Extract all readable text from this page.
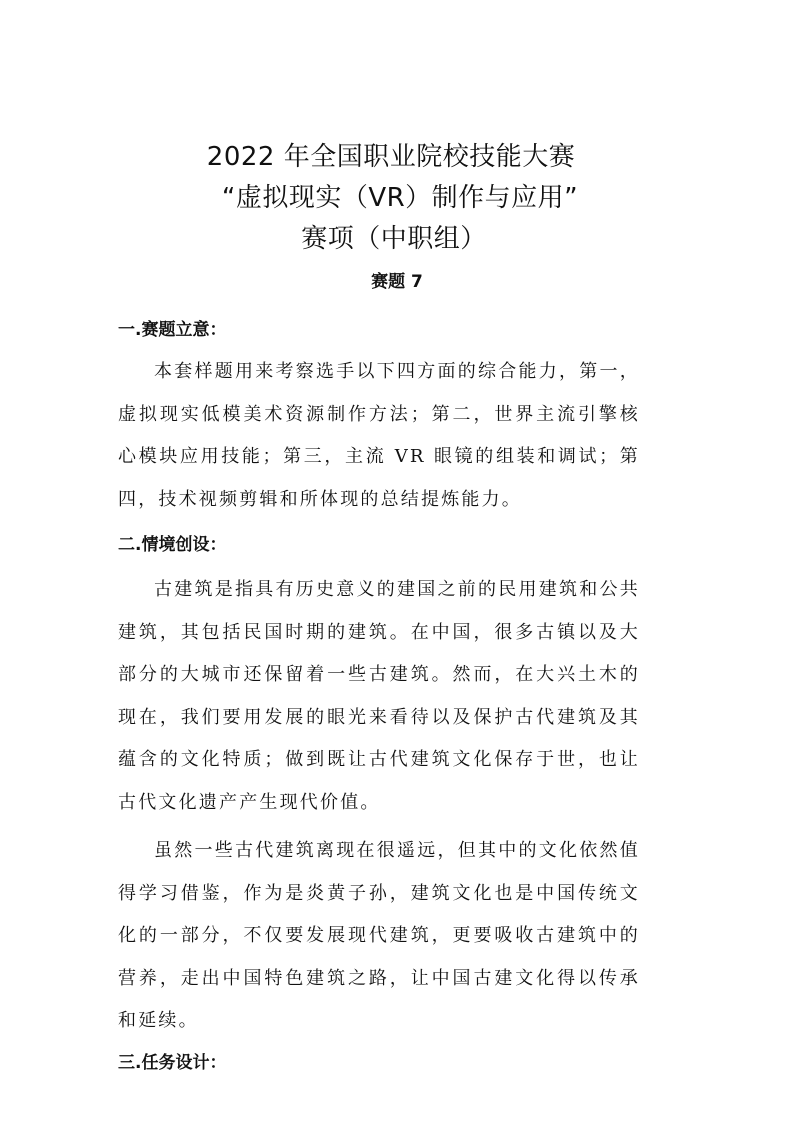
2022 年全国职业院校技能大赛
“虚拟现实（VR）制作与应用”
赛项（中职组）
赛题 7
一.赛题立意：

本套样题用来考察选手以下四方面的综合能力，第一，虚拟现实低模美术资源制作方法；第二，世界主流引擎核心模块应用技能；第三，主流 VR 眼镜的组装和调试；第四，技术视频剪辑和所体现的总结提炼能力。

二.情境创设：

古建筑是指具有历史意义的建国之前的民用建筑和公共建筑，其包括民国时期的建筑。在中国，很多古镇以及大部分的大城市还保留着一些古建筑。然而，在大兴土木的现在，我们要用发展的眼光来看待以及保护古代建筑及其蕴含的文化特质；做到既让古代建筑文化保存于世，也让古代文化遗产产生现代价值。

虽然一些古代建筑离现在很遥远，但其中的文化依然值得学习借鉴，作为是炎黄子孙，建筑文化也是中国传统文化的一部分，不仅要发展现代建筑，更要吸收古建筑中的营养，走出中国特色建筑之路，让中国古建文化得以传承和延续。

三.任务设计：
